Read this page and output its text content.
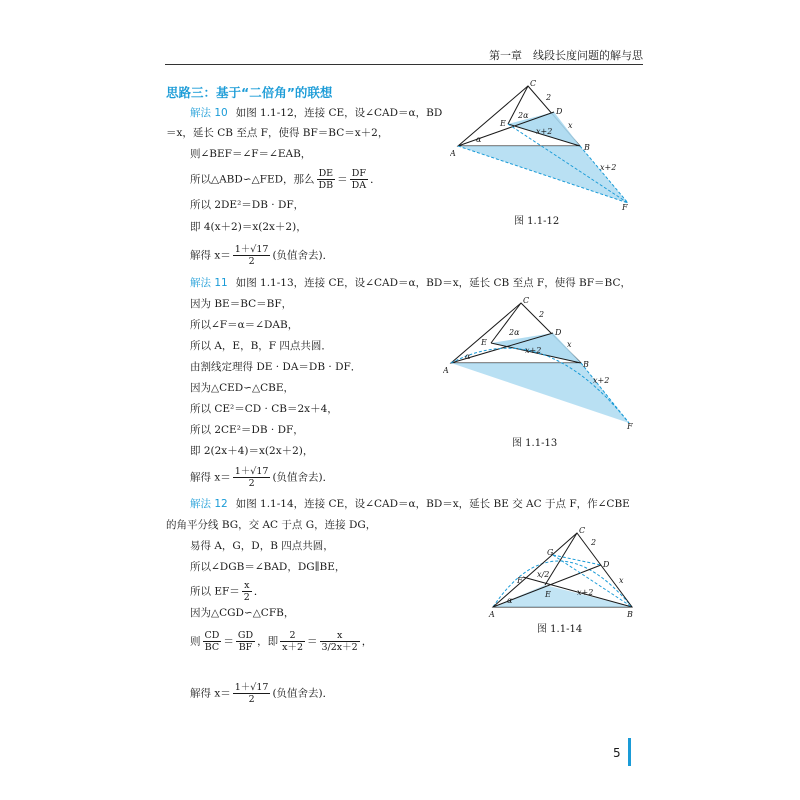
第一章　线段长度问题的解与思
思路三：基于“二倍角”的联想
解法 10 如图 1.1-12，连接 CE，设∠CAD＝α，BD
＝x，延长 CB 至点 F，使得 BF＝BC＝x＋2，
则∠BEF＝∠F＝∠EAB，
所以△ABD∽△FED，那么 $\frac{DE}{DB} = \frac{DF}{DA}$ ．
所以 2DE²＝DB · DF，
即 4(x＋2)＝x(2x＋2)，
解得 $x= \frac{1+√17}{2}$ (负值舍去)．
解法 11 如图 1.1-13，连接 CE，设∠CAD＝α，BD＝x，延长 CB 至点 F，使得 BF＝BC，
因为 BE＝BC＝BF，
所以∠F＝α＝∠DAB，
所以 A，E，B，F 四点共圆．
由割线定理得 DE · DA＝DB · DF．
因为△CED∽△CBE，
所以 CE²＝CD · CB＝2x＋4，
所以 2CE²＝DB · DF，
即 2(2x＋4)＝x(2x＋2)，
解得 $x= \frac{1+√17}{2}$ (负值舍去)．
解法 12 如图 1.1-14，连接 CE，设∠CAD＝α，BD＝x，延长 BE 交 AC 于点 F，作∠CBE
的角平分线 BG，交 AC 于点 G，连接 DG，
易得 A，G，D，B 四点共圆，
所以∠DGB＝∠BAD，DG∥BE，
所以 $EF= \frac{x}{2}$ ．
因为△CGD∽△CFB，
则 $\frac{CD}{BC} = \frac{GD}{BF}$ ，即 $\frac{2}{x+2} = \frac{x}{3/2x+2}$ ，
解得 $x= \frac{1+√17}{2}$ (负值舍去)．
C
D
A
B
E
F
2
x
x+2
x+2
2α
α
图 1.1-12
C
D
A
B
E
F
2
x
x+2
x+2
2α
α
图 1.1-13
C
G
D
F
E
A	B
2
x
x+2
x/2
α
图 1.1-14
5
